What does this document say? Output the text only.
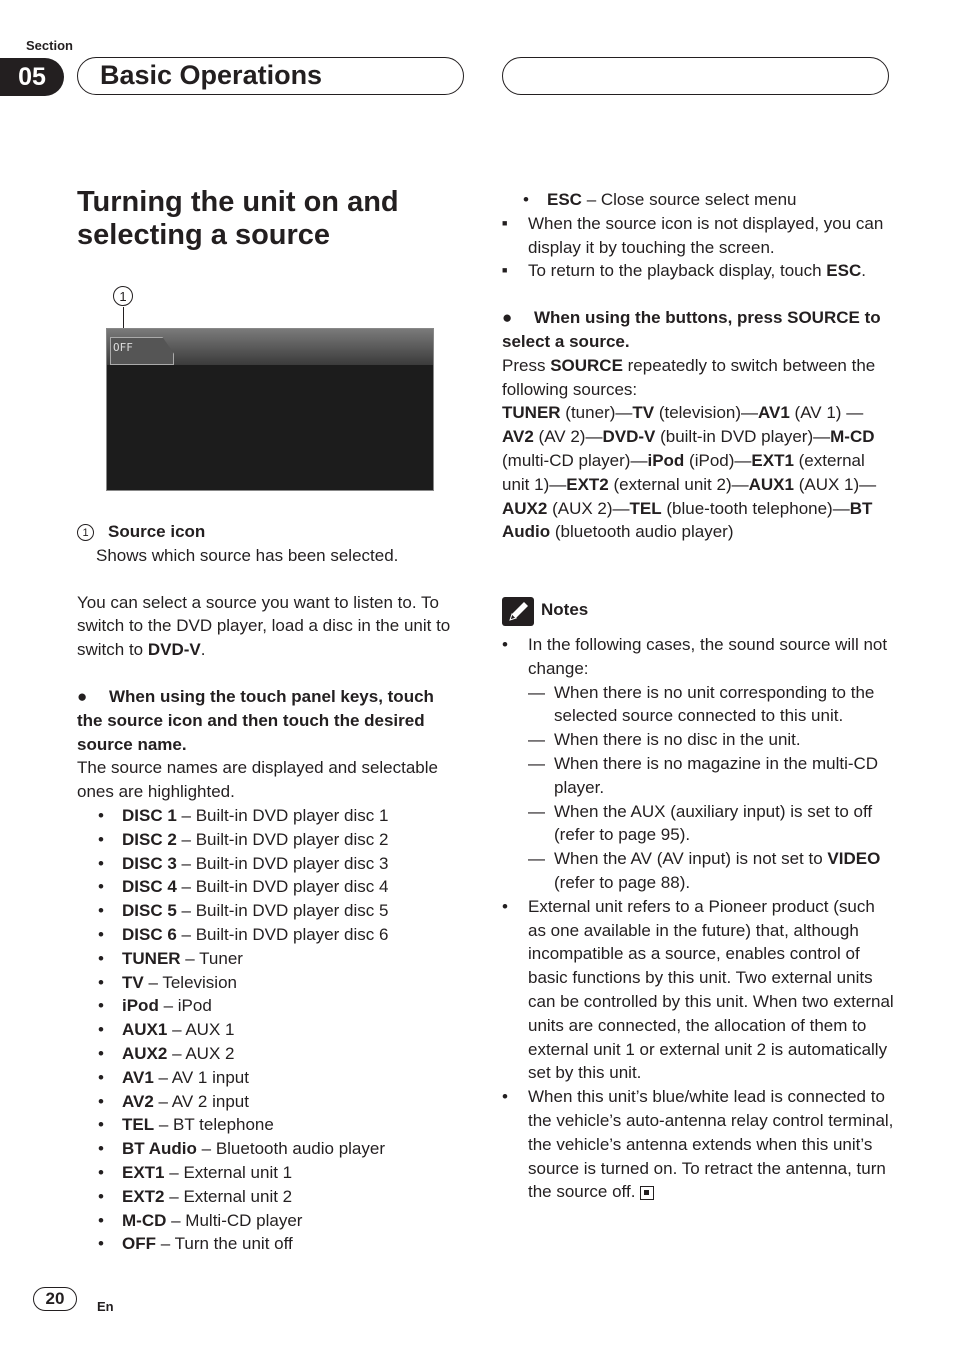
Section
05	Basic Operations
Turning the unit on and selecting a source
1
OFF

1 Source icon

Shows which source has been selected.

You can select a source you want to listen to. To switch to the DVD player, load a disc in the unit to switch to DVD-V.

● When using the touch panel keys, touch the source icon and then touch the desired source name.

The source names are displayed and selectable ones are highlighted.

• DISC 1 – Built-in DVD player disc 1
• DISC 2 – Built-in DVD player disc 2
• DISC 3 – Built-in DVD player disc 3
• DISC 4 – Built-in DVD player disc 4
• DISC 5 – Built-in DVD player disc 5
• DISC 6 – Built-in DVD player disc 6
• TUNER – Tuner
• TV – Television
• iPod – iPod
• AUX1 – AUX 1
• AUX2 – AUX 2
• AV1 – AV 1 input
• AV2 – AV 2 input
• TEL – BT telephone
• BT Audio – Bluetooth audio player
• EXT1 – External unit 1
• EXT2 – External unit 2
• M-CD – Multi-CD player
• OFF – Turn the unit off
• ESC – Close source select menu

■ When the source icon is not displayed, you can display it by touching the screen.

■ To return to the playback display, touch ESC.

● When using the buttons, press SOURCE to select a source.

Press SOURCE repeatedly to switch between the following sources:

TUNER (tuner)—TV (television)—AV1 (AV 1) —AV2 (AV 2)—DVD-V (built-in DVD player)—M-CD (multi-CD player)—iPod (iPod)—EXT1 (external unit 1)—EXT2 (external unit 2)—AUX1 (AUX 1)—AUX2 (AUX 2)—TEL (blue-tooth telephone)—BT Audio (bluetooth audio player)

Notes
• In the following cases, the sound source will not change:
— When there is no unit corresponding to the selected source connected to this unit.
— When there is no disc in the unit.
— When there is no magazine in the multi-CD player.
— When the AUX (auxiliary input) is set to off (refer to page 95).
— When the AV (AV input) is not set to VIDEO (refer to page 88).
• External unit refers to a Pioneer product (such as one available in the future) that, although incompatible as a source, enables control of basic functions by this unit. Two external units can be controlled by this unit. When two external units are connected, the allocation of them to external unit 1 or external unit 2 is automatically set by this unit.
• When this unit’s blue/white lead is connected to the vehicle’s auto-antenna relay control terminal, the vehicle’s antenna extends when this unit’s source is turned on. To retract the antenna, turn the source off.
20	En
